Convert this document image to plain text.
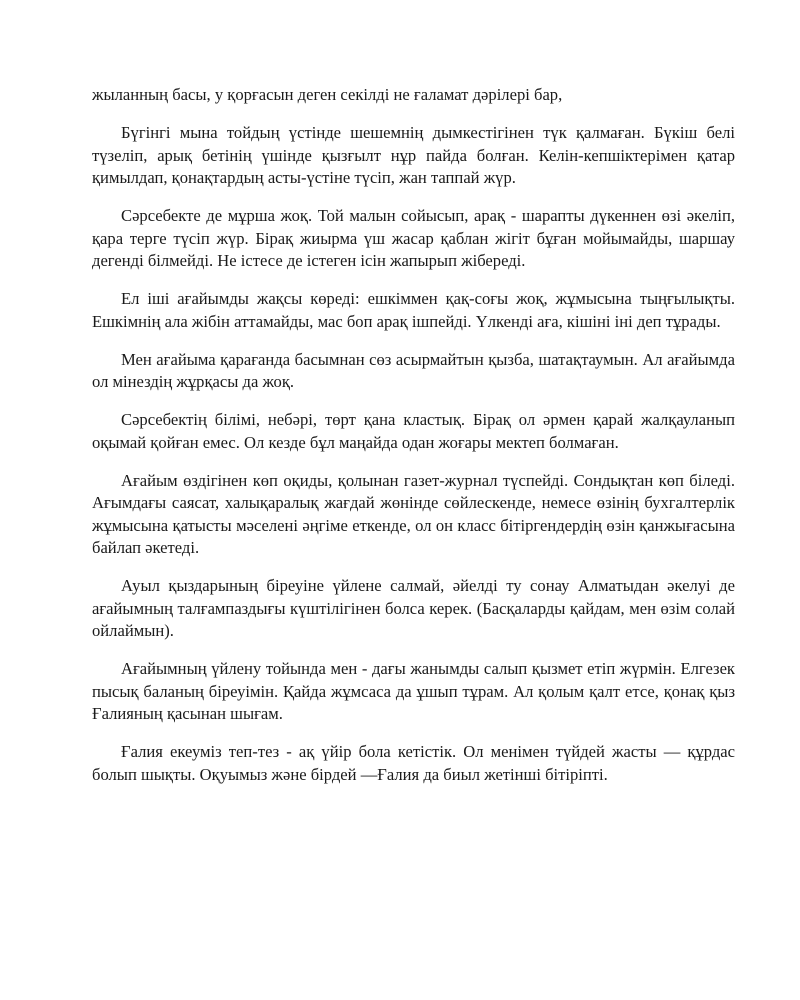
жыланның басы, у қорғасын деген секілді не ғаламат дәрілері бар,

Бүгінгі мына тойдың үстінде шешемнің дымкестігінен түк қалмаған. Бүкіш белі түзеліп, арық бетінің үшінде қызғылт нұр пайда болған. Келін-кепшіктерімен қатар қимылдап, қонақтардың асты-үстіне түсіп, жан таппай жүр.

Сәрсебекте де мұрша жоқ. Той малын сойысып, арақ - шарапты дүкеннен өзі әкеліп, қара терге түсіп жүр. Бірақ жиырма үш жасар қаблан жігіт бұған мойымайды, шаршау дегенді білмейді. Не істесе де істеген ісін жапырып жібереді.

Ел іші ағайымды жақсы көреді: ешкіммен қақ-соғы жоқ, жұмысына тыңғылықты. Ешкімнің ала жібін аттамайды, мас боп арақ ішпейді. Үлкенді аға, кішіні іні деп тұрады.

Мен ағайыма қарағанда басымнан сөз асырмайтын қызба, шатақтаумын. Ал ағайымда ол мінездің жұрқасы да жоқ.

Сәрсебектің білімі, небәрі, төрт қана кластық. Бірақ ол әрмен қарай жалқауланып оқымай қойған емес. Ол кезде бұл маңайда одан жоғары мектеп болмаған.

Ағайым өздігінен көп оқиды, қолынан газет-журнал түспейді. Сондықтан көп біледі. Ағымдағы саясат, халықаралық жағдай жөнінде сөйлескенде, немесе өзінің бухгалтерлік жұмысына қатысты мәселені әңгіме еткенде, ол он класс бітіргендердің өзін қанжығасына байлап әкетеді.

Ауыл қыздарының біреуіне үйлене салмай, әйелді ту сонау Алматыдан әкелуі де ағайымның талғампаздығы күштілігінен болса керек. (Басқаларды қайдам, мен өзім солай ойлаймын).

Ағайымның үйлену тойында мен - дағы жанымды салып қызмет етіп жүрмін. Елгезек пысық баланың біреуімін. Қайда жұмсаса да ұшып тұрам. Ал қолым қалт етсе, қонақ қыз Ғалияның қасынан шығам.

Ғалия екеуміз теп-тез - ақ үйір бола кетістік. Ол менімен түйдей жасты — құрдас болып шықты. Оқуымыз және бірдей —Ғалия да биыл жетінші бітіріпті.
